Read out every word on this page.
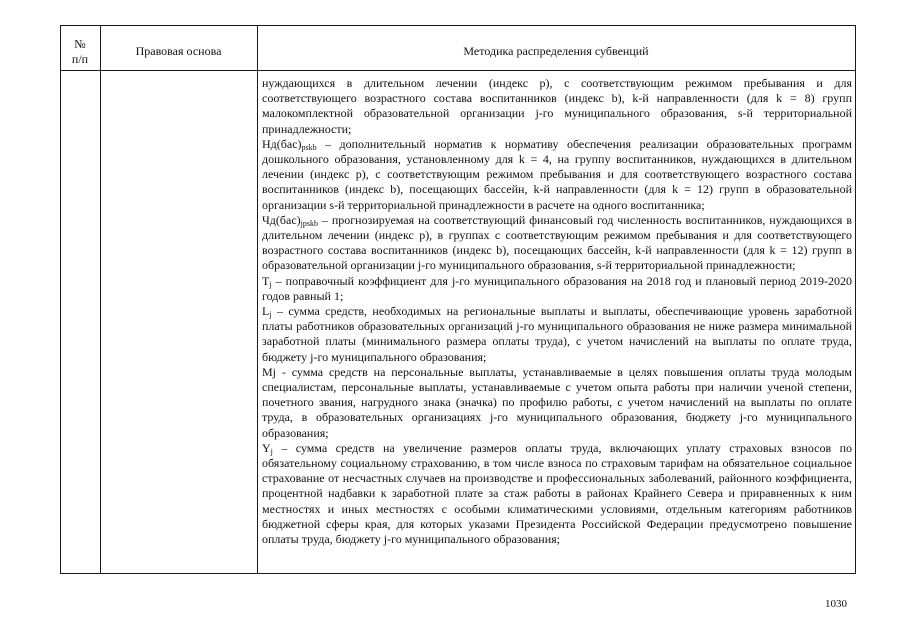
№
п/п
Правовая основа	Методика распределения субвенций

нуждающихся в длительном лечении (индекс p), с соответствующим режимом пребывания и для соответствующего возрастного состава воспитанников (индекс b), k-й направленности (для k = 8) групп малокомплектной образовательной организации j-го муниципального образования, s-й территориальной принадлежности;

$Нд(бас)_{pskb}$ – дополнительный норматив к нормативу обеспечения реализации образовательных программ дошкольного образования, установленному для k = 4, на группу воспитанников, нуждающихся в длительном лечении (индекс p), с соответствующим режимом пребывания и для соответствующего возрастного состава воспитанников (индекс b), посещающих бассейн, k-й направленности (для k = 12) групп в образовательной организации s-й территориальной принадлежности в расчете на одного воспитанника;

$Чд(бас)_{jpskb}$ – прогнозируемая на соответствующий финансовый год численность воспитанников, нуждающихся в длительном лечении (индекс p), в группах с соответствующим режимом пребывания и для соответствующего возрастного состава воспитанников (индекс b), посещающих бассейн, k-й направленности (для k = 12) групп в образовательной организации j-го муниципального образования, s-й территориальной принадлежности;

$T_j$ – поправочный коэффициент для j-го муниципального образования на 2018 год и плановый период 2019-2020 годов равный 1;

$L_j$ – сумма средств, необходимых на региональные выплаты и выплаты, обеспечивающие уровень заработной платы работников образовательных организаций j-го муниципального образования не ниже размера минимальной заработной платы (минимального размера оплаты труда), с учетом начислений на выплаты по оплате труда, бюджету j-го муниципального образования;

Mj - сумма средств на персональные выплаты, устанавливаемые в целях повышения оплаты труда молодым специалистам, персональные выплаты, устанавливаемые с учетом опыта работы при наличии ученой степени, почетного звания, нагрудного знака (значка) по профилю работы, с учетом начислений на выплаты по оплате труда, в образовательных организациях j-го муниципального образования, бюджету j-го муниципального образования;

$Y_j$ – сумма средств на увеличение размеров оплаты труда, включающих уплату страховых взносов по обязательному социальному страхованию, в том числе взноса по страховым тарифам на обязательное социальное страхование от несчастных случаев на производстве и профессиональных заболеваний, районного коэффициента, процентной надбавки к заработной плате за стаж работы в районах Крайнего Севера и приравненных к ним местностях и иных местностях с особыми климатическими условиями, отдельным категориям работников бюджетной сферы края, для которых указами Президента Российской Федерации предусмотрено повышение оплаты труда, бюджету j-го муниципального образования;

1030
